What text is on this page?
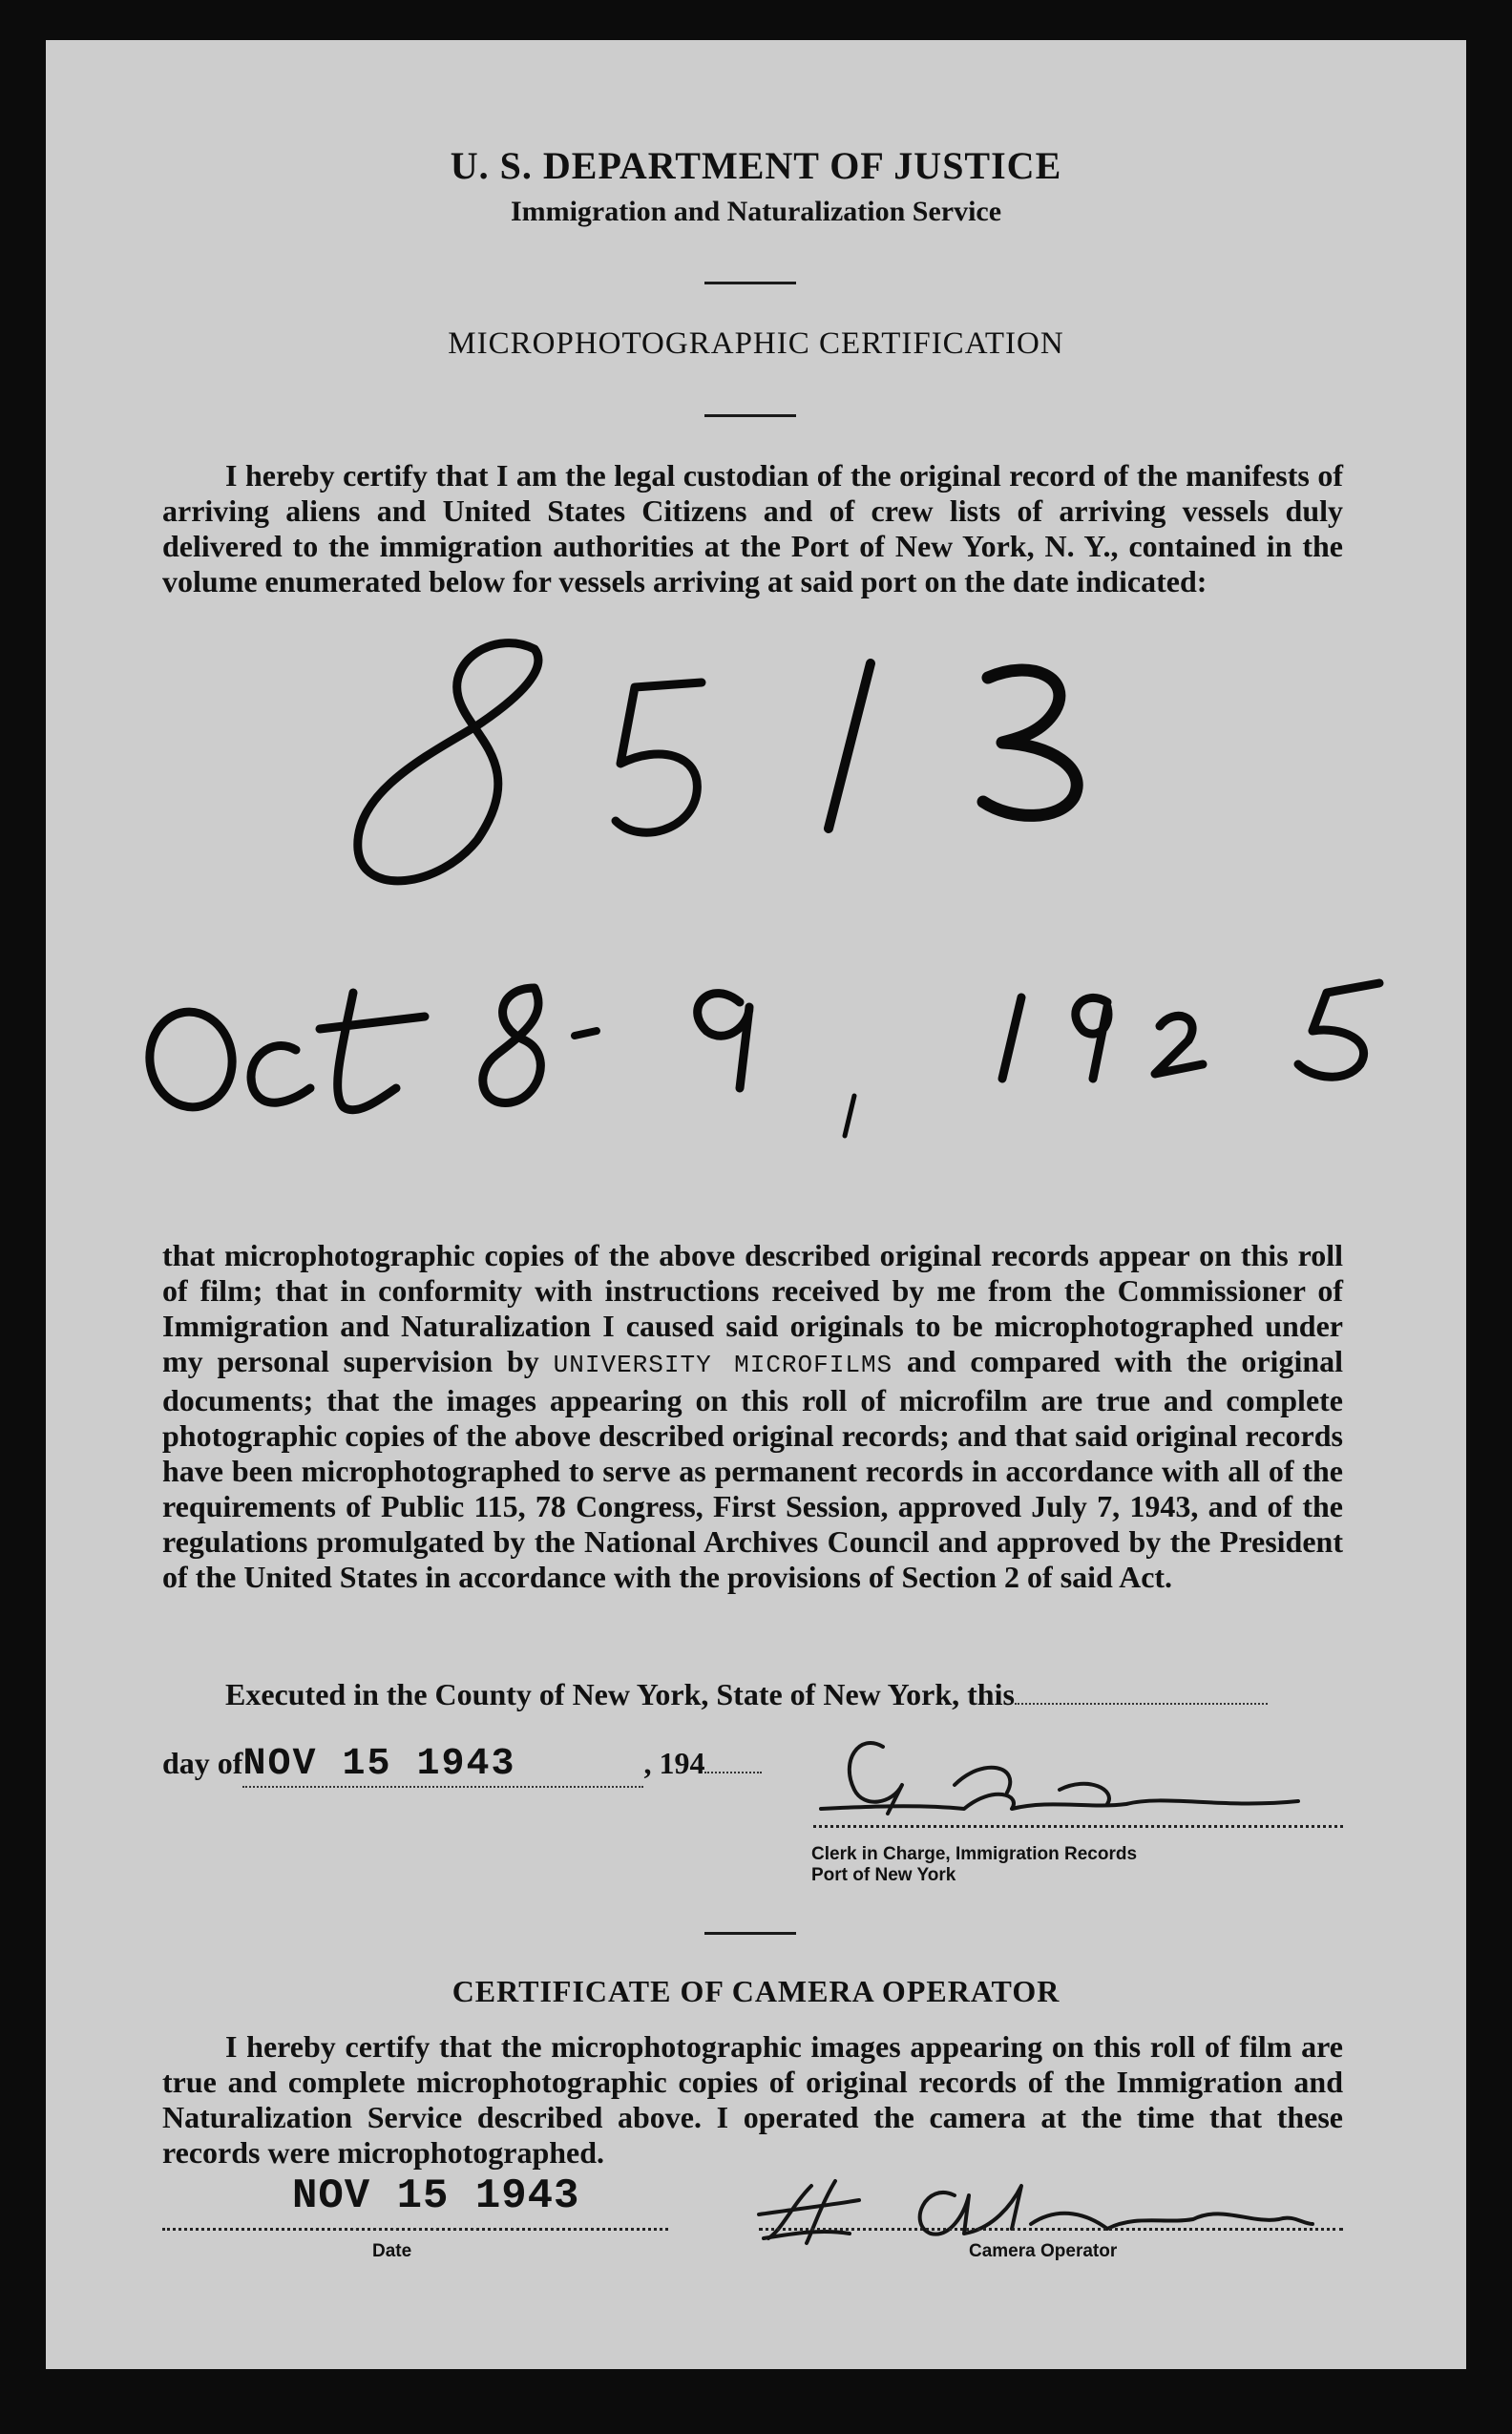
U. S. DEPARTMENT OF JUSTICE
Immigration and Naturalization Service
MICROPHOTOGRAPHIC CERTIFICATION

I hereby certify that I am the legal custodian of the original record of the manifests of arriving aliens and United States Citizens and of crew lists of arriving vessels duly delivered to the immigration authorities at the Port of New York, N. Y., contained in the volume enumerated below for vessels arriving at said port on the date indicated:

that microphotographic copies of the above described original records appear on this roll of film; that in conformity with instructions received by me from the Commissioner of Immigration and Naturalization I caused said originals to be microphotographed under my personal supervision by UNIVERSITY MICROFILMS and compared with the original documents; that the images appearing on this roll of microfilm are true and complete photographic copies of the above described original records; and that said original records have been microphotographed to serve as permanent records in accordance with all of the requirements of Public 115, 78 Congress, First Session, approved July 7, 1943, and of the regulations promulgated by the National Archives Council and approved by the President of the United States in accordance with the provisions of Section 2 of said Act.

Executed in the County of New York, State of New York, this
day ofNOV 15 1943	, 194
Clerk in Charge, Immigration Records
Port of New York
CERTIFICATE OF CAMERA OPERATOR

I hereby certify that the microphotographic images appearing on this roll of film are true and complete microphotographic copies of original records of the Immigration and Naturalization Service described above. I operated the camera at the time that these records were microphotographed.

NOV 15 1943
Date	Camera Operator
